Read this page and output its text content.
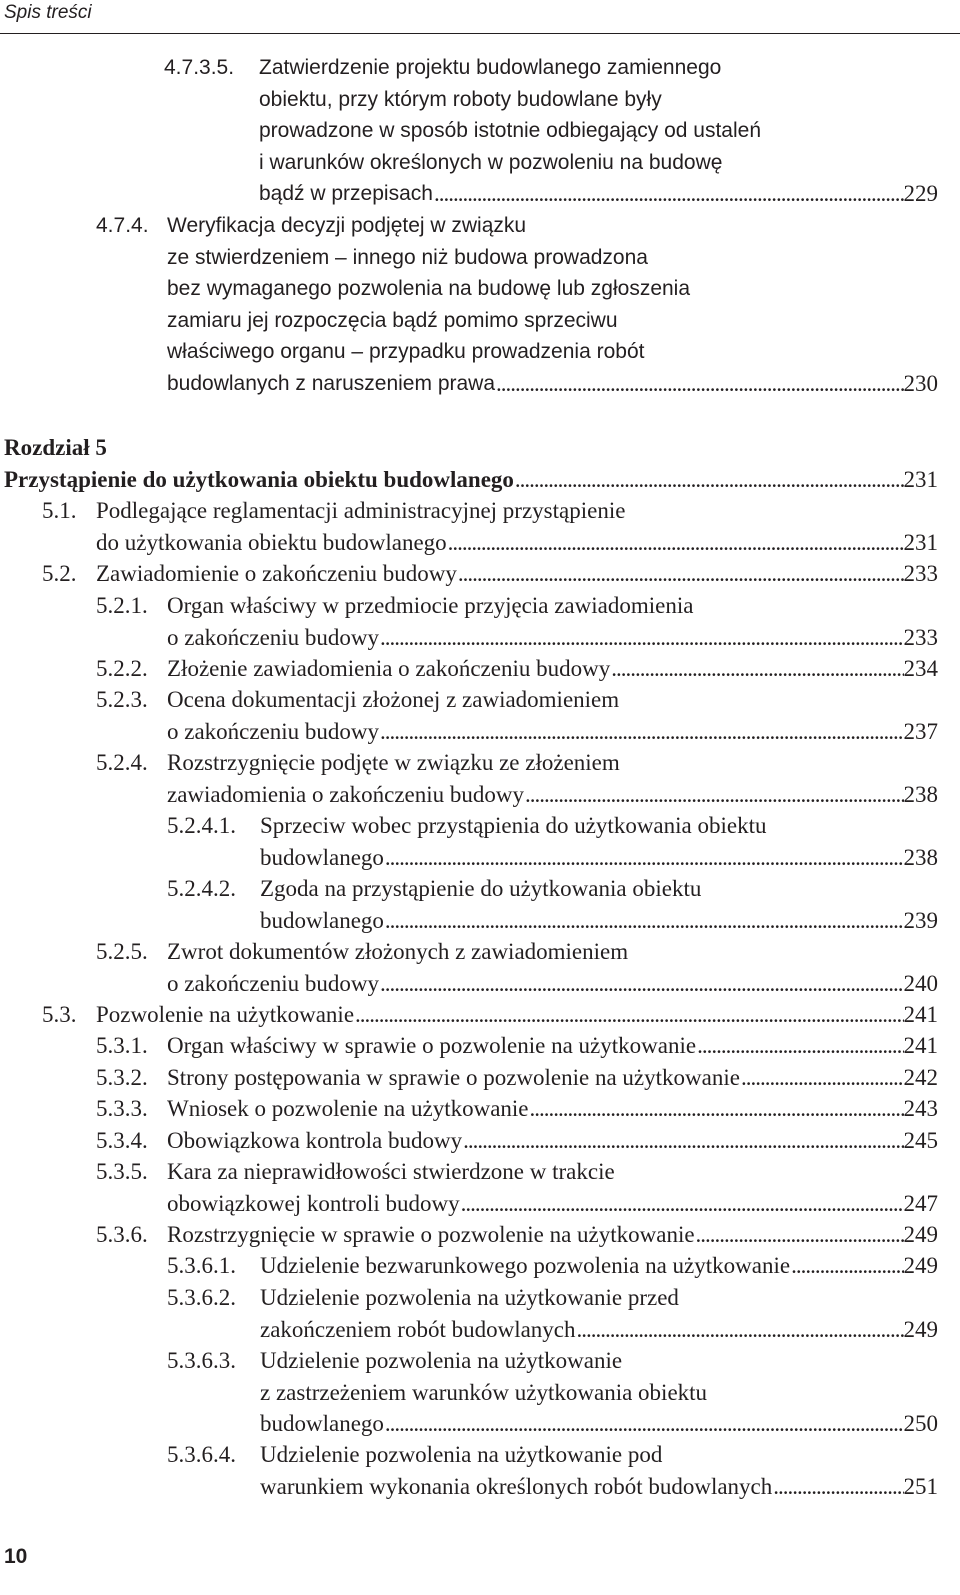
Spis treści
4.7.3.5.	Zatwierdzenie projektu budowlanego zamiennego
obiektu, przy którym roboty budowlane były
prowadzone w sposób istotnie odbiegający od ustaleń
i warunków określonych w pozwoleniu na budowę
bądź w przepisach .....	229
4.7.4. Weryfikacja decyzji podjętej w związku
ze stwierdzeniem – innego niż budowa prowadzona
bez wymaganego pozwolenia na budowę lub zgłoszenia
zamiaru jej rozpoczęcia bądź pomimo sprzeciwu
właściwego organu – przypadku prowadzenia robót
budowlanych z naruszeniem prawa .....	230
Rozdział 5
Przystąpienie do użytkowania obiektu budowlanego .....	231
5.1. Podlegające reglamentacji administracyjnej przystąpienie
do użytkowania obiektu budowlanego .....	231
5.2. Zawiadomienie o zakończeniu budowy .....	233
5.2.1. Organ właściwy w przedmiocie przyjęcia zawiadomienia
o zakończeniu budowy .....	233
5.2.2. Złożenie zawiadomienia o zakończeniu budowy .....	234
5.2.3. Ocena dokumentacji złożonej z zawiadomieniem
o zakończeniu budowy .....	237
5.2.4. Rozstrzygnięcie podjęte w związku ze złożeniem
zawiadomienia o zakończeniu budowy .....	238
5.2.4.1.	Sprzeciw wobec przystąpienia do użytkowania obiektu
budowlanego .....	238
5.2.4.2.	Zgoda na przystąpienie do użytkowania obiektu
budowlanego .....	239
5.2.5. Zwrot dokumentów złożonych z zawiadomieniem
o zakończeniu budowy .....	240
5.3. Pozwolenie na użytkowanie .....	241
5.3.1. Organ właściwy w sprawie o pozwolenie na użytkowanie .....	241
5.3.2. Strony postępowania w sprawie o pozwolenie na użytkowanie .....	242
5.3.3. Wniosek o pozwolenie na użytkowanie .....	243
5.3.4. Obowiązkowa kontrola budowy .....	245
5.3.5. Kara za nieprawidłowości stwierdzone w trakcie
obowiązkowej kontroli budowy .....	247
5.3.6. Rozstrzygnięcie w sprawie o pozwolenie na użytkowanie .....	249
5.3.6.1.	Udzielenie bezwarunkowego pozwolenia na użytkowanie .....	249
5.3.6.2.	Udzielenie pozwolenia na użytkowanie przed
zakończeniem robót budowlanych .....	249
5.3.6.3.	Udzielenie pozwolenia na użytkowanie
z zastrzeżeniem warunków użytkowania obiektu
budowlanego .....	250
5.3.6.4.	Udzielenie pozwolenia na użytkowanie pod
warunkiem wykonania określonych robót budowlanych .....	251
10
